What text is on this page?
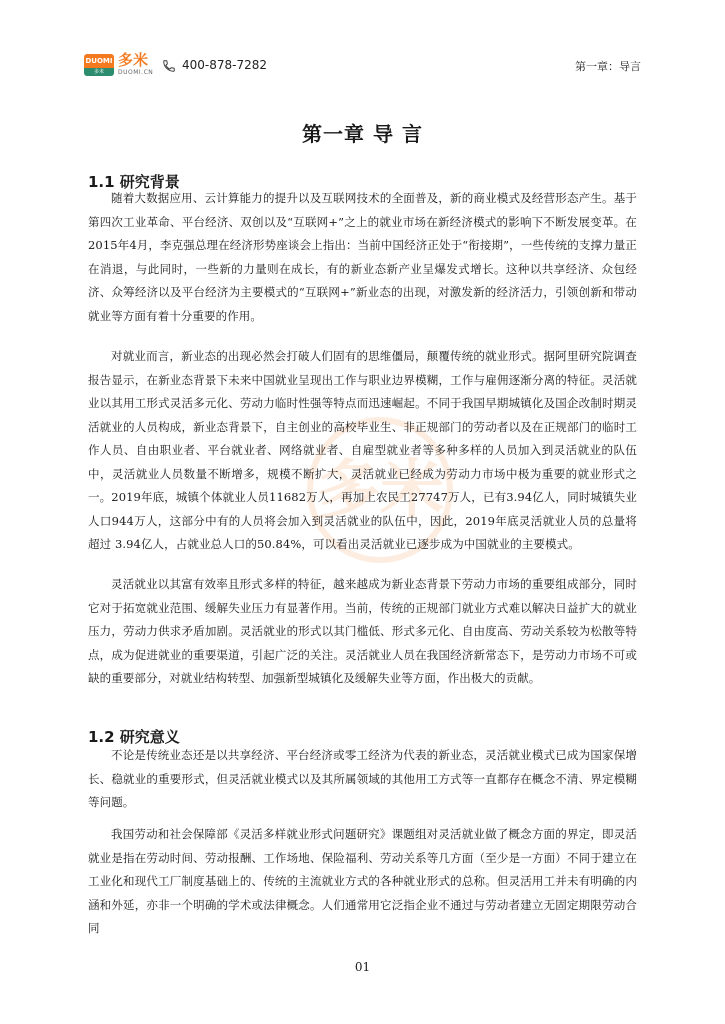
DUOMI
多米
多米
DUOMI.CN
400-878-7282	第一章：导言
多米
第一章 导 言
1.1 研究背景

随着大数据应用、云计算能力的提升以及互联网技术的全面普及，新的商业模式及经营形态产生。基于第四次工业革命、平台经济、双创以及“互联网+”之上的就业市场在新经济模式的影响下不断发展变革。在2015年4月，李克强总理在经济形势座谈会上指出：当前中国经济正处于“衔接期”，一些传统的支撑力量正在消退，与此同时，一些新的力量则在成长，有的新业态新产业呈爆发式增长。这种以共享经济、众包经济、众筹经济以及平台经济为主要模式的“互联网+”新业态的出现，对激发新的经济活力，引领创新和带动就业等方面有着十分重要的作用。

对就业而言，新业态的出现必然会打破人们固有的思维僵局，颠覆传统的就业形式。据阿里研究院调查报告显示，在新业态背景下未来中国就业呈现出工作与职业边界模糊，工作与雇佣逐渐分离的特征。灵活就业以其用工形式灵活多元化、劳动力临时性强等特点而迅速崛起。不同于我国早期城镇化及国企改制时期灵活就业的人员构成，新业态背景下，自主创业的高校毕业生、非正规部门的劳动者以及在正规部门的临时工作人员、自由职业者、平台就业者、网络就业者、自雇型就业者等多种多样的人员加入到灵活就业的队伍中，灵活就业人员数量不断增多，规模不断扩大，灵活就业已经成为劳动力市场中极为重要的就业形式之一。2019年底，城镇个体就业人员11682万人，再加上农民工27747万人，已有3.94亿人，同时城镇失业人口944万人，这部分中有的人员将会加入到灵活就业的队伍中，因此，2019年底灵活就业人员的总量将超过 3.94亿人，占就业总人口的50.84%，可以看出灵活就业已逐步成为中国就业的主要模式。

灵活就业以其富有效率且形式多样的特征，越来越成为新业态背景下劳动力市场的重要组成部分，同时它对于拓宽就业范围、缓解失业压力有显著作用。当前，传统的正规部门就业方式难以解决日益扩大的就业压力，劳动力供求矛盾加剧。灵活就业的形式以其门槛低、形式多元化、自由度高、劳动关系较为松散等特点，成为促进就业的重要渠道，引起广泛的关注。灵活就业人员在我国经济新常态下，是劳动力市场不可或缺的重要部分，对就业结构转型、加强新型城镇化及缓解失业等方面，作出极大的贡献。

1.2 研究意义

不论是传统业态还是以共享经济、平台经济或零工经济为代表的新业态，灵活就业模式已成为国家保增长、稳就业的重要形式，但灵活就业模式以及其所属领域的其他用工方式等一直都存在概念不清、界定模糊等问题。

我国劳动和社会保障部《灵活多样就业形式问题研究》课题组对灵活就业做了概念方面的界定，即灵活就业是指在劳动时间、劳动报酬、工作场地、保险福利、劳动关系等几方面（至少是一方面）不同于建立在工业化和现代工厂制度基础上的、传统的主流就业方式的各种就业形式的总称。但灵活用工并未有明确的内涵和外延，亦非一个明确的学术或法律概念。人们通常用它泛指企业不通过与劳动者建立无固定期限劳动合同

01
